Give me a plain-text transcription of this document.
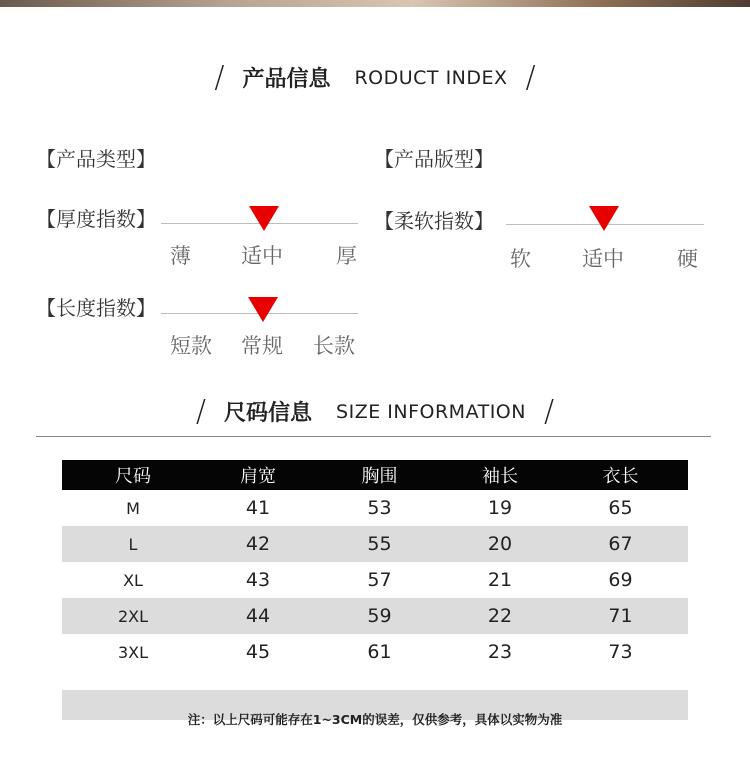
/ 产品信息 RODUCT INDEX /
【产品类型】	【产品版型】
【厚度指数】
薄 适中	厚
【柔软指数】
软 适中	硬
【长度指数】
短款 常规 长款
/ 尺码信息 SIZE INFORMATION /
尺码	肩宽	胸围	袖长	衣长
M	41	53	19	65
L	42	55	20	67
XL	43	57	21	69
2XL	44	59	22	71
3XL	45	61	23	73
注：以上尺码可能存在1~3CM的误差，仅供参考，具体以实物为准
